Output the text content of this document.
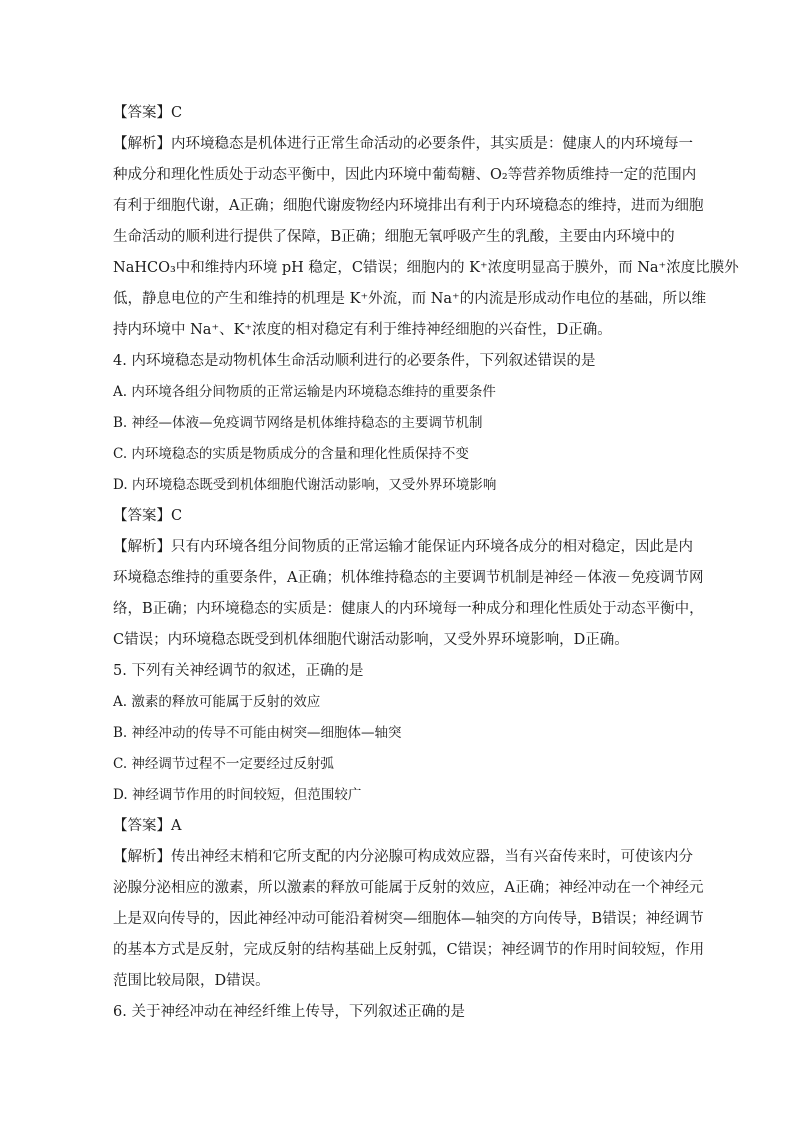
【答案】C
【解析】内环境稳态是机体进行正常生命活动的必要条件，其实质是：健康人的内环境每一
种成分和理化性质处于动态平衡中，因此内环境中葡萄糖、O₂等营养物质维持一定的范围内
有利于细胞代谢，A正确；细胞代谢废物经内环境排出有利于内环境稳态的维持，进而为细胞
生命活动的顺利进行提供了保障，B正确；细胞无氧呼吸产生的乳酸，主要由内环境中的
NaHCO₃中和维持内环境 pH 稳定，C错误；细胞内的 K⁺浓度明显高于膜外，而 Na⁺浓度比膜外
低，静息电位的产生和维持的机理是 K⁺外流，而 Na⁺的内流是形成动作电位的基础，所以维
持内环境中 Na⁺、K⁺浓度的相对稳定有利于维持神经细胞的兴奋性，D正确。
4. 内环境稳态是动物机体生命活动顺利进行的必要条件，下列叙述错误的是
A. 内环境各组分间物质的正常运输是内环境稳态维持的重要条件
B. 神经—体液—免疫调节网络是机体维持稳态的主要调节机制
C. 内环境稳态的实质是物质成分的含量和理化性质保持不变
D. 内环境稳态既受到机体细胞代谢活动影响，又受外界环境影响
【答案】C
【解析】只有内环境各组分间物质的正常运输才能保证内环境各成分的相对稳定，因此是内
环境稳态维持的重要条件，A正确；机体维持稳态的主要调节机制是神经－体液－免疫调节网
络，B正确；内环境稳态的实质是：健康人的内环境每一种成分和理化性质处于动态平衡中，
C错误；内环境稳态既受到机体细胞代谢活动影响，又受外界环境影响，D正确。
5. 下列有关神经调节的叙述，正确的是
A. 激素的释放可能属于反射的效应
B. 神经冲动的传导不可能由树突—细胞体—轴突
C. 神经调节过程不一定要经过反射弧
D. 神经调节作用的时间较短，但范围较广
【答案】A
【解析】传出神经末梢和它所支配的内分泌腺可构成效应器，当有兴奋传来时，可使该内分
泌腺分泌相应的激素，所以激素的释放可能属于反射的效应，A正确；神经冲动在一个神经元
上是双向传导的，因此神经冲动可能沿着树突—细胞体—轴突的方向传导，B错误；神经调节
的基本方式是反射，完成反射的结构基础上反射弧，C错误；神经调节的作用时间较短，作用
范围比较局限，D错误。
6. 关于神经冲动在神经纤维上传导，下列叙述正确的是
